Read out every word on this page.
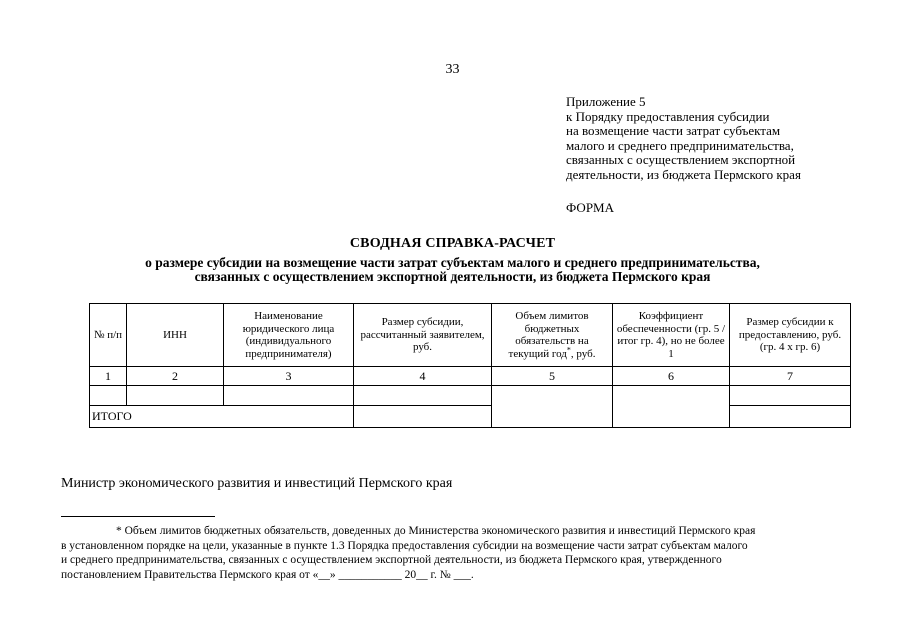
33
Приложение 5
к Порядку предоставления субсидии
на возмещение части затрат субъектам
малого и среднего предпринимательства,
связанных с осуществлением экспортной
деятельности, из бюджета Пермского края
ФОРМА
СВОДНАЯ СПРАВКА-РАСЧЕТ
о размере субсидии на возмещение части затрат субъектам малого и среднего предпринимательства,
связанных с осуществлением экспортной деятельности, из бюджета Пермского края
№ п/п	ИНН	Наименование юридического лица (индивидуального предпринимателя)	Размер субсидии, рассчитанный заявителем, руб.	Объем лимитов бюджетных обязательств на текущий год*, руб.	Коэффициент обеспеченности (гр. 5 / итог гр. 4), но не более 1	Размер субсидии к предоставлению, руб. (гр. 4 х гр. 6)
1	2	3	4	5	6	7

ИТОГО						
Министр экономического развития и инвестиций Пермского края
* Объем лимитов бюджетных обязательств, доведенных до Министерства экономического развития и инвестиций Пермского края
в установленном порядке на цели, указанные в пункте 1.3 Порядка предоставления субсидии на возмещение части затрат субъектам малого
и среднего предпринимательства, связанных с осуществлением экспортной деятельности, из бюджета Пермского края, утвержденного
постановлением Правительства Пермского края от «__» ___________ 20__ г. № ___.
